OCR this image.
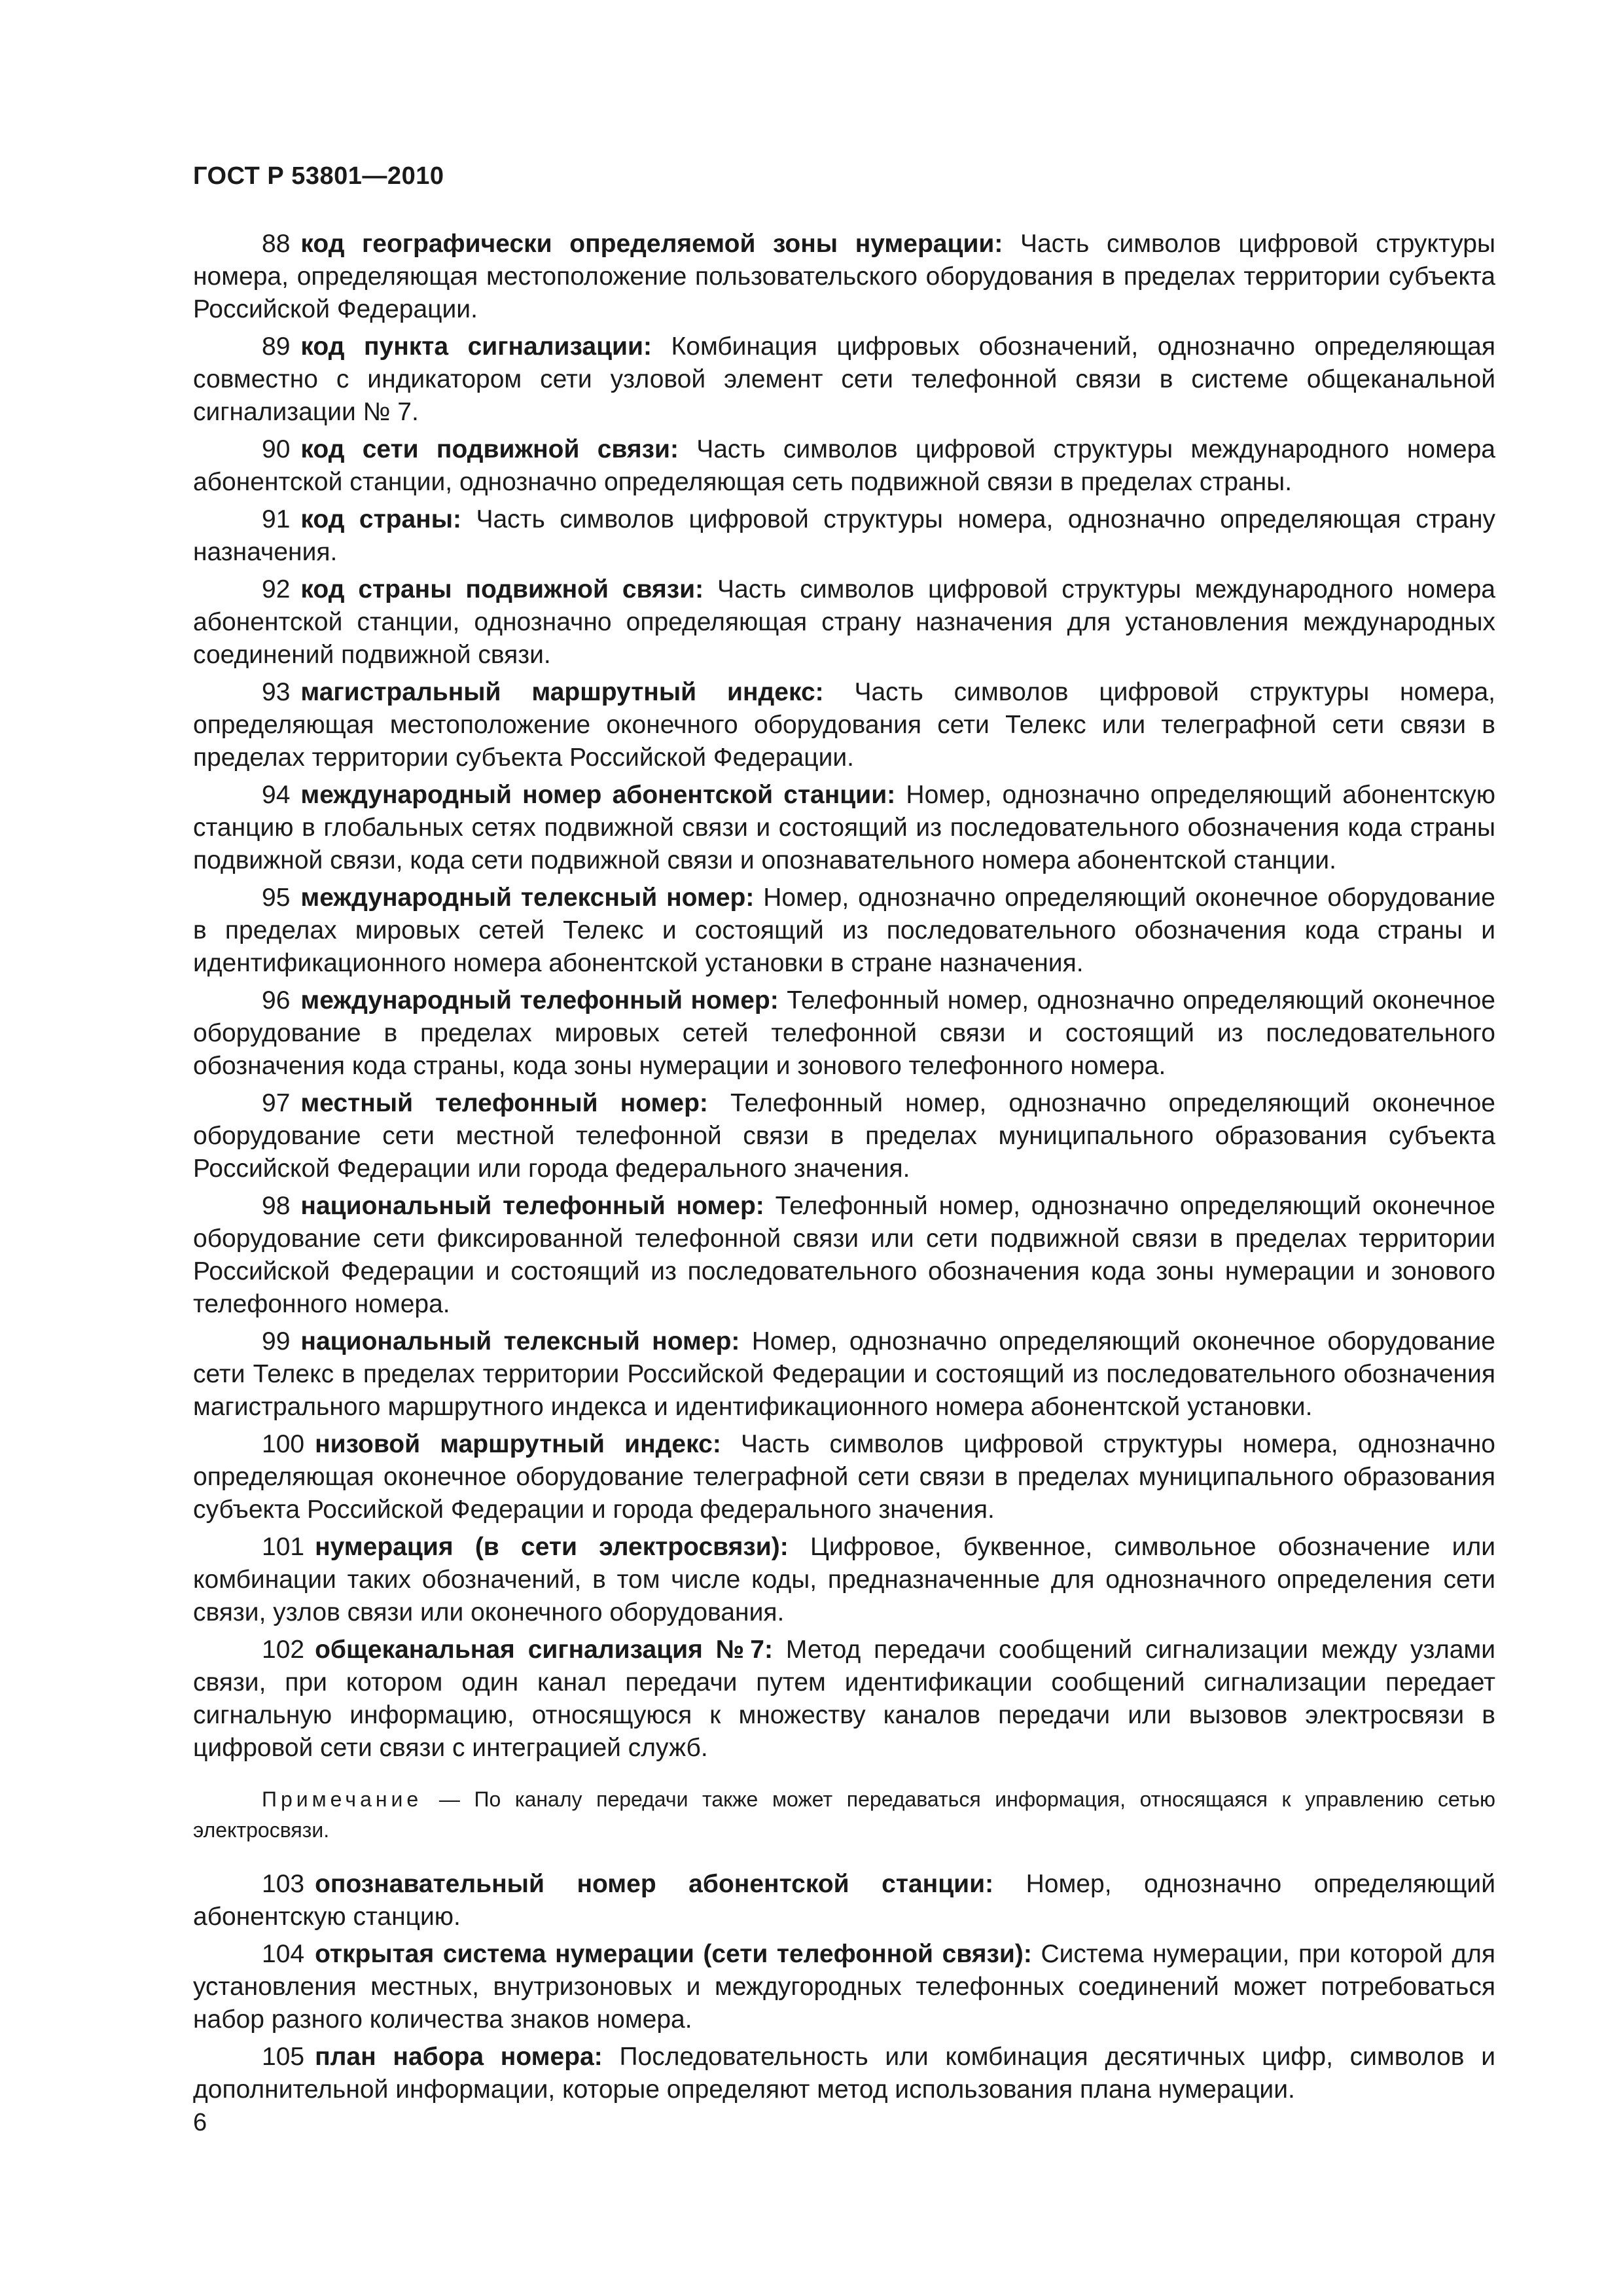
ГОСТ Р 53801—2010

88 код географически определяемой зоны нумерации: Часть символов цифровой структуры номера, определяющая местоположение пользовательского оборудования в пределах территории субъекта Российской Федерации.

89 код пункта сигнализации: Комбинация цифровых обозначений, однозначно определяющая совместно с индикатором сети узловой элемент сети телефонной связи в системе общеканальной сигнализации № 7.

90 код сети подвижной связи: Часть символов цифровой структуры международного номера абонентской станции, однозначно определяющая сеть подвижной связи в пределах страны.

91 код страны: Часть символов цифровой структуры номера, однозначно определяющая страну назначения.

92 код страны подвижной связи: Часть символов цифровой структуры международного номера абонентской станции, однозначно определяющая страну назначения для установления международных соединений подвижной связи.

93 магистральный маршрутный индекс: Часть символов цифровой структуры номера, определяющая местоположение оконечного оборудования сети Телекс или телеграфной сети связи в пределах территории субъекта Российской Федерации.

94 международный номер абонентской станции: Номер, однозначно определяющий абонентскую станцию в глобальных сетях подвижной связи и состоящий из последовательного обозначения кода страны подвижной связи, кода сети подвижной связи и опознавательного номера абонентской станции.

95 международный телексный номер: Номер, однозначно определяющий оконечное оборудование в пределах мировых сетей Телекс и состоящий из последовательного обозначения кода страны и идентификационного номера абонентской установки в стране назначения.

96 международный телефонный номер: Телефонный номер, однозначно определяющий оконечное оборудование в пределах мировых сетей телефонной связи и состоящий из последовательного обозначения кода страны, кода зоны нумерации и зонового телефонного номера.

97 местный телефонный номер: Телефонный номер, однозначно определяющий оконечное оборудование сети местной телефонной связи в пределах муниципального образования субъекта Российской Федерации или города федерального значения.

98 национальный телефонный номер: Телефонный номер, однозначно определяющий оконечное оборудование сети фиксированной телефонной связи или сети подвижной связи в пределах территории Российской Федерации и состоящий из последовательного обозначения кода зоны нумерации и зонового телефонного номера.

99 национальный телексный номер: Номер, однозначно определяющий оконечное оборудование сети Телекс в пределах территории Российской Федерации и состоящий из последовательного обозначения магистрального маршрутного индекса и идентификационного номера абонентской установки.

100 низовой маршрутный индекс: Часть символов цифровой структуры номера, однозначно определяющая оконечное оборудование телеграфной сети связи в пределах муниципального образования субъекта Российской Федерации и города федерального значения.

101 нумерация (в сети электросвязи): Цифровое, буквенное, символьное обозначение или комбинации таких обозначений, в том числе коды, предназначенные для однозначного определения сети связи, узлов связи или оконечного оборудования.

102 общеканальная сигнализация №7: Метод передачи сообщений сигнализации между узлами связи, при котором один канал передачи путем идентификации сообщений сигнализации передает сигнальную информацию, относящуюся к множеству каналов передачи или вызовов электросвязи в цифровой сети связи с интеграцией служб.

Примечание — По каналу передачи также может передаваться информация, относящаяся к управлению сетью электросвязи.

103 опознавательный номер абонентской станции: Номер, однозначно определяющий абонентскую станцию.

104 открытая система нумерации (сети телефонной связи): Система нумерации, при которой для установления местных, внутризоновых и междугородных телефонных соединений может потребоваться набор разного количества знаков номера.

105 план набора номера: Последовательность или комбинация десятичных цифр, символов и дополнительной информации, которые определяют метод использования плана нумерации.

6
